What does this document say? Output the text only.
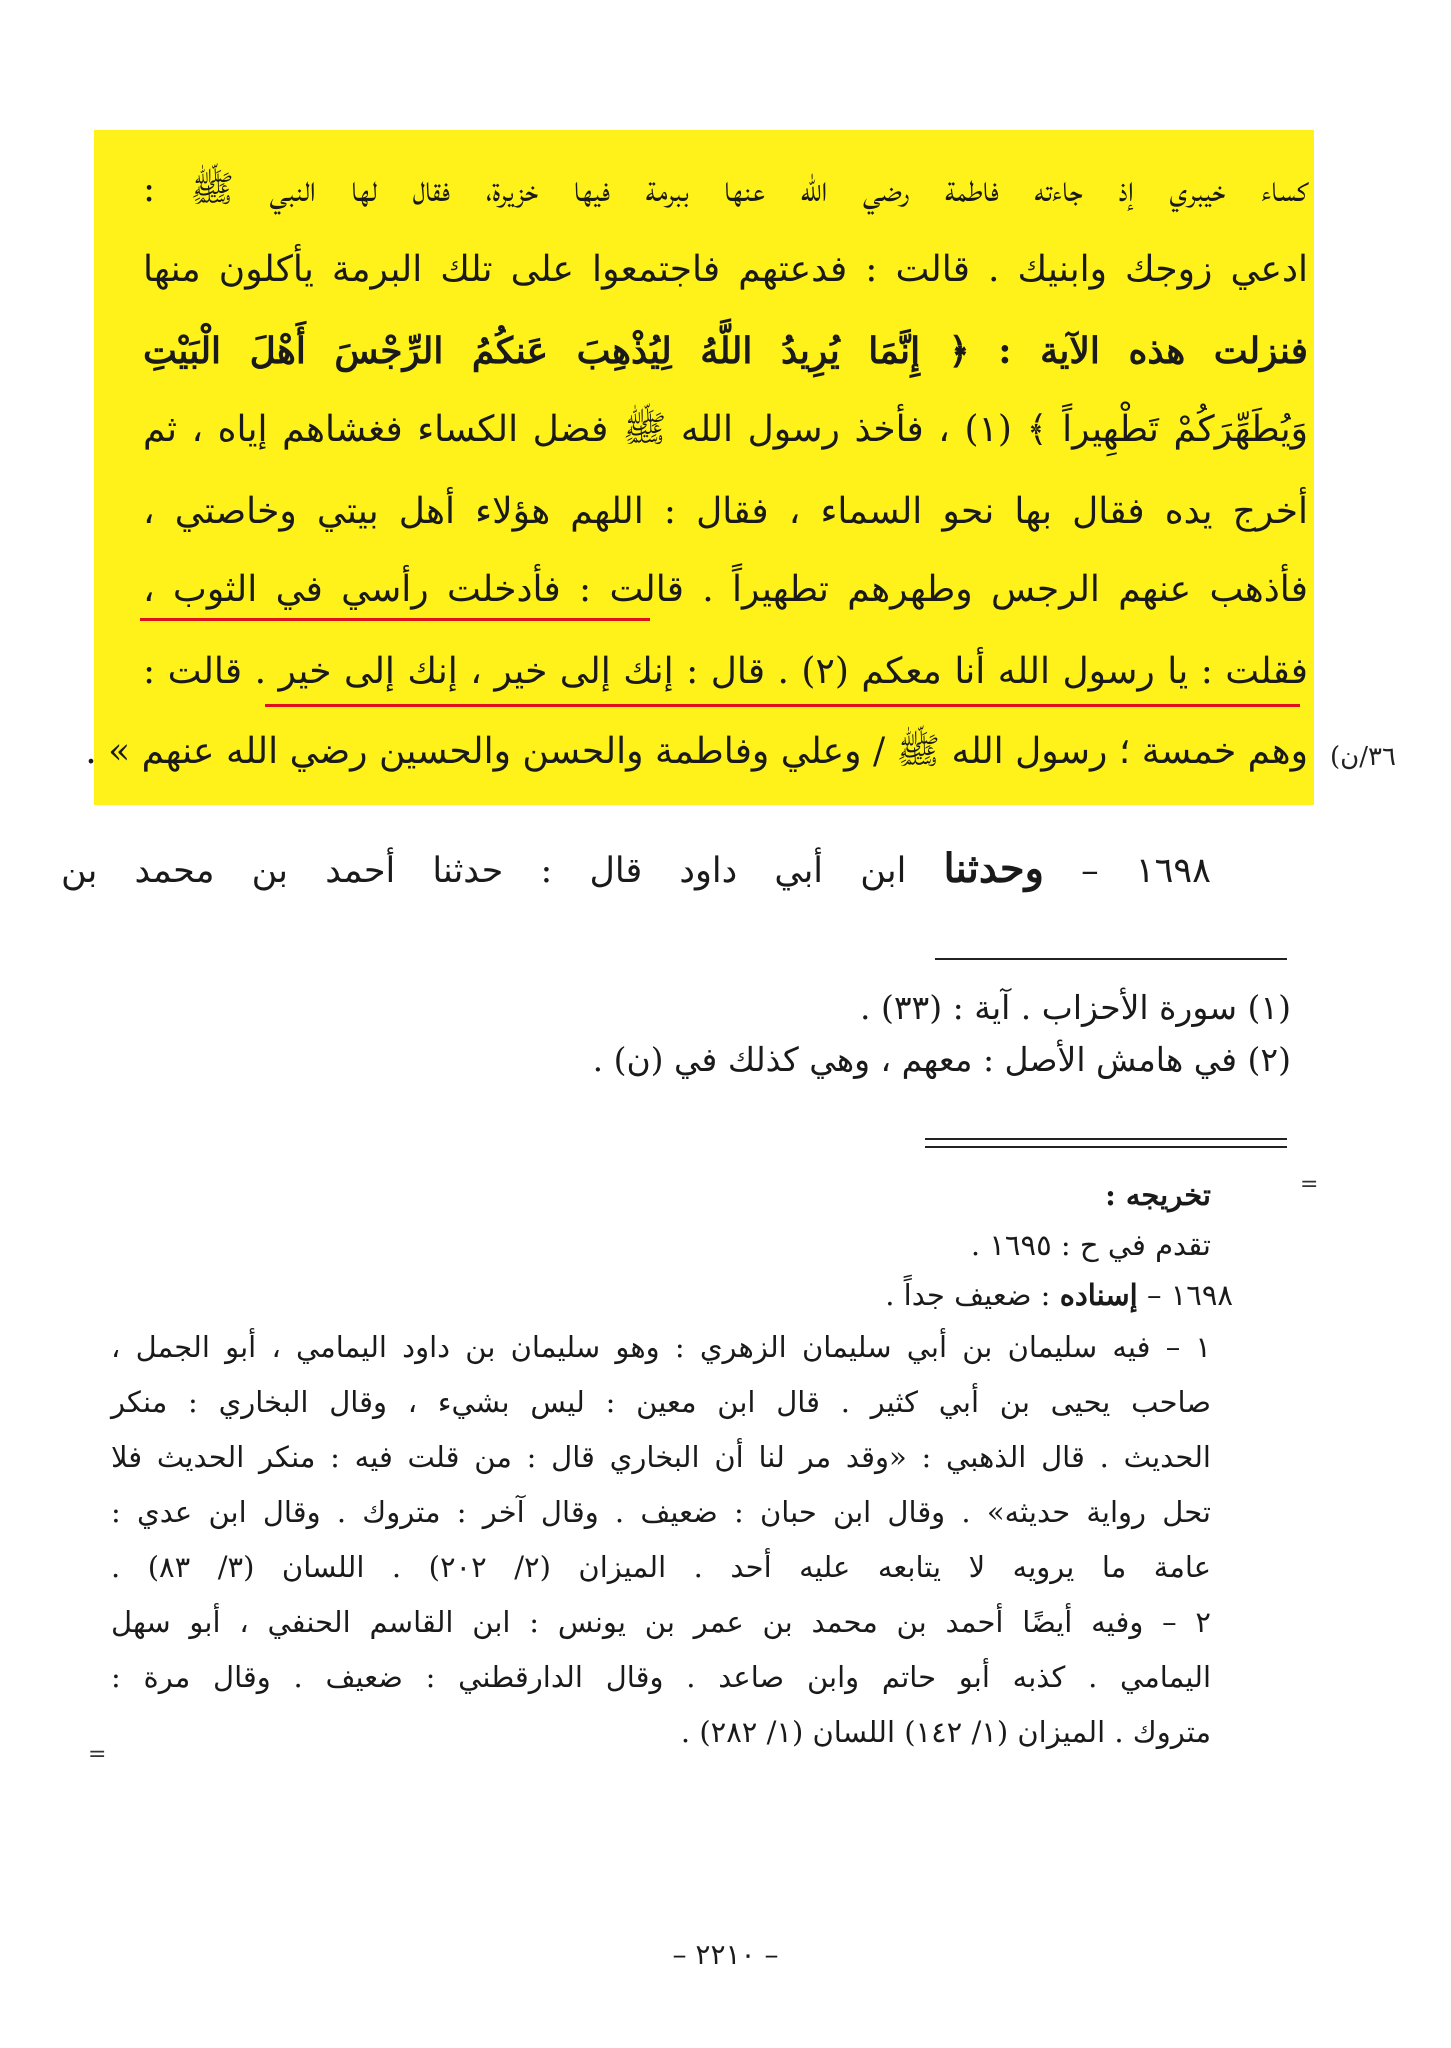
كساء خيبري إذ جاءته فاطمة رضي الله عنها ببرمة فيها خزيرة، فقال لها النبي ﷺ :
ادعي زوجك وابنيك . قالت : فدعتهم فاجتمعوا على تلك البرمة يأكلون منها
فنزلت هذه الآية : ﴿ إِنَّمَا يُرِيدُ اللَّهُ لِيُذْهِبَ عَنكُمُ الرِّجْسَ أَهْلَ الْبَيْتِ
وَيُطَهِّرَكُمْ تَطْهِيراً ﴾ (١) ، فأخذ رسول الله ﷺ فضل الكساء فغشاهم إياه ، ثم
أخرج يده فقال بها نحو السماء ، فقال : اللهم هؤلاء أهل بيتي وخاصتي ،
فأذهب عنهم الرجس وطهرهم تطهيراً . قالت : فأدخلت رأسي في الثوب ،
فقلت : يا رسول الله أنا معكم (٢) . قال : إنك إلى خير ، إنك إلى خير . قالت :
وهم خمسة ؛ رسول الله ﷺ / وعلي وفاطمة والحسن والحسين رضي الله عنهم » . ٣٦/ن)
١٦٩٨ – وحدثنا ابن أبي داود قال : حدثنا أحمد بن محمد بن
(١) سورة الأحزاب . آية : (٣٣) .
(٢) في هامش الأصل : معهم ، وهي كذلك في (ن) .
=
تخريجه :
تقدم في ح : ١٦٩٥ .
١٦٩٨ – إسناده : ضعيف جداً .
١ – فيه سليمان بن أبي سليمان الزهري : وهو سليمان بن داود اليمامي ، أبو الجمل ،
صاحب يحيى بن أبي كثير . قال ابن معين : ليس بشيء ، وقال البخاري : منكر
الحديث . قال الذهبي : «وقد مر لنا أن البخاري قال : من قلت فيه : منكر الحديث فلا
تحل رواية حديثه» . وقال ابن حبان : ضعيف . وقال آخر : متروك . وقال ابن عدي :
عامة ما يرويه لا يتابعه عليه أحد . الميزان (٢/ ٢٠٢) . اللسان (٣/ ٨٣) .
٢ – وفيه أيضًا أحمد بن محمد بن عمر بن يونس : ابن القاسم الحنفي ، أبو سهل
اليمامي . كذبه أبو حاتم وابن صاعد . وقال الدارقطني : ضعيف . وقال مرة :
متروك . الميزان (١/ ١٤٢) اللسان (١/ ٢٨٢) .
=
– ٢٢١٠ –
